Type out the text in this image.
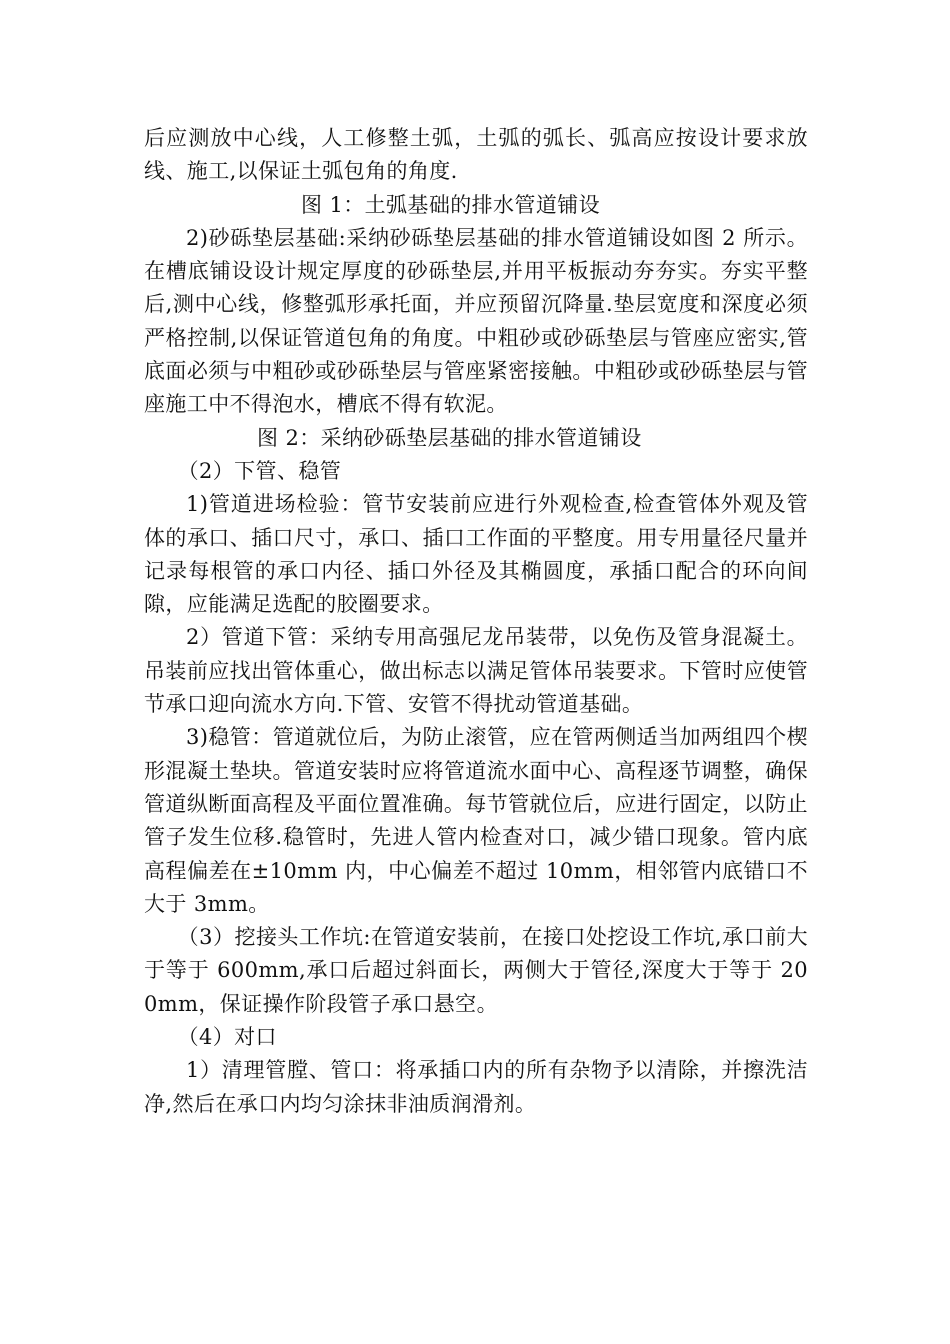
后应测放中心线，人工修整土弧，土弧的弧长、弧高应按设计要求放线、施工,以保证土弧包角的角度.

图 1：土弧基础的排水管道铺设

2)砂砾垫层基础:采纳砂砾垫层基础的排水管道铺设如图 2 所示。在槽底铺设设计规定厚度的砂砾垫层,并用平板振动夯夯实。夯实平整后,测中心线，修整弧形承托面，并应预留沉降量.垫层宽度和深度必须严格控制,以保证管道包角的角度。中粗砂或砂砾垫层与管座应密实,管底面必须与中粗砂或砂砾垫层与管座紧密接触。中粗砂或砂砾垫层与管座施工中不得泡水，槽底不得有软泥。

图 2：采纳砂砾垫层基础的排水管道铺设

（2）下管、稳管

1)管道进场检验：管节安装前应进行外观检查,检查管体外观及管体的承口、插口尺寸，承口、插口工作面的平整度。用专用量径尺量并记录每根管的承口内径、插口外径及其椭圆度，承插口配合的环向间隙，应能满足选配的胶圈要求。

2）管道下管：采纳专用高强尼龙吊装带，以免伤及管身混凝土。吊装前应找出管体重心，做出标志以满足管体吊装要求。下管时应使管节承口迎向流水方向.下管、安管不得扰动管道基础。

3)稳管：管道就位后，为防止滚管，应在管两侧适当加两组四个楔形混凝土垫块。管道安装时应将管道流水面中心、高程逐节调整，确保管道纵断面高程及平面位置准确。每节管就位后，应进行固定，以防止管子发生位移.稳管时，先进人管内检查对口，减少错口现象。管内底高程偏差在±10mm 内，中心偏差不超过 10mm，相邻管内底错口不大于 3mm。

（3）挖接头工作坑:在管道安装前，在接口处挖设工作坑,承口前大于等于 600mm,承口后超过斜面长，两侧大于管径,深度大于等于 200mm，保证操作阶段管子承口悬空。

（4）对口

1）清理管膛、管口：将承插口内的所有杂物予以清除，并擦洗洁净,然后在承口内均匀涂抹非油质润滑剂。
